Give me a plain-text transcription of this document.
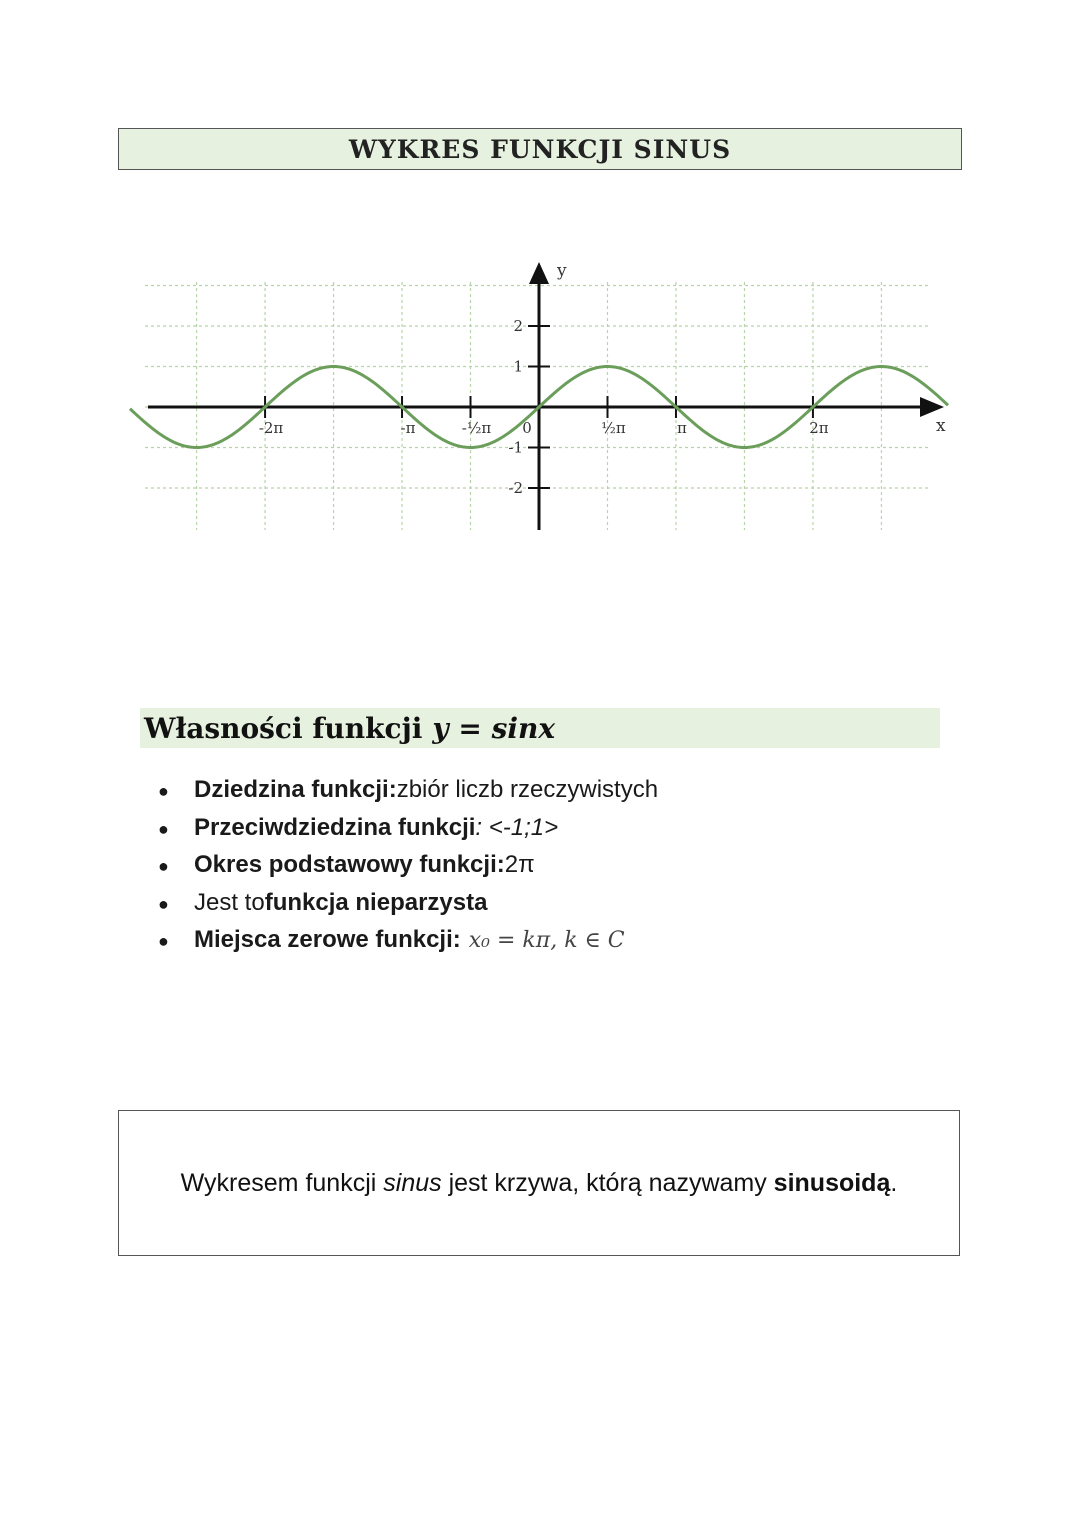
WYKRES FUNKCJI SINUS
-2π	-π	-½π 0	½π	π	2π
2
1
-1
-2
x
y
Własności funkcji y = sinx
●	Dziedzina funkcji: zbiór liczb rzeczywistych
●	Przeciwdziedzina funkcji : <-1;1>
●	Okres podstawowy funkcji: 2π
●	Jest to funkcja nieparzysta
●	Miejsca zerowe funkcji: x₀ = kπ, k ∈ C
Wykresem funkcji sinus jest krzywa, którą nazywamy sinusoidą.
